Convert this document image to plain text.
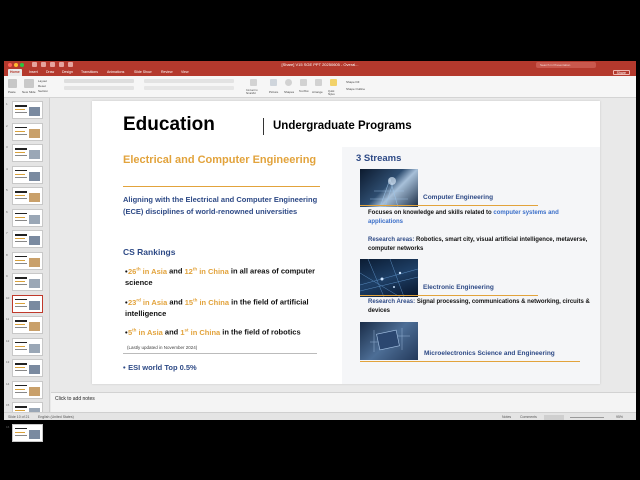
[Share] V15 SGE PPT 20250605 - Overal...	Search in Presentation
Home	Insert	Draw	Design	Transitions	Animations	Slide Show	Review	View	Share
Paste New Slide
Layout
Reset
Section	Convert to SmartArt	Picture Shapes Text Box Arrange Quick Styles
Shape Fill
Shape Outline
1
2
3
4
5
6
7
8
9
10
11
12
13
14
15
16
Education	Undergraduate Programs
Electrical and Computer Engineering
Aligning with the Electrical and Computer Engineering (ECE) disciplines of world-renowned universities
CS Rankings
•26th in Asia and 12th in China in all areas of computer science
•23rd in Asia and 15th in China in the field of artificial intelligence
•5th in Asia and 1st in China in the field of robotics
(Lastly updated in November 2024)
• ESI world Top 0.5%
3 Streams
Computer Engineering
Focuses on knowledge and skills related to computer systems and applications
Research areas: Robotics, smart city, visual artificial intelligence, metaverse, computer networks
Electronic Engineering
Research Areas: Signal processing, communications & networking, circuits & devices
Microelectronics Science and Engineering
Click to add notes
Slide 10 of 21 English (United States)	Notes	Comments	95%
